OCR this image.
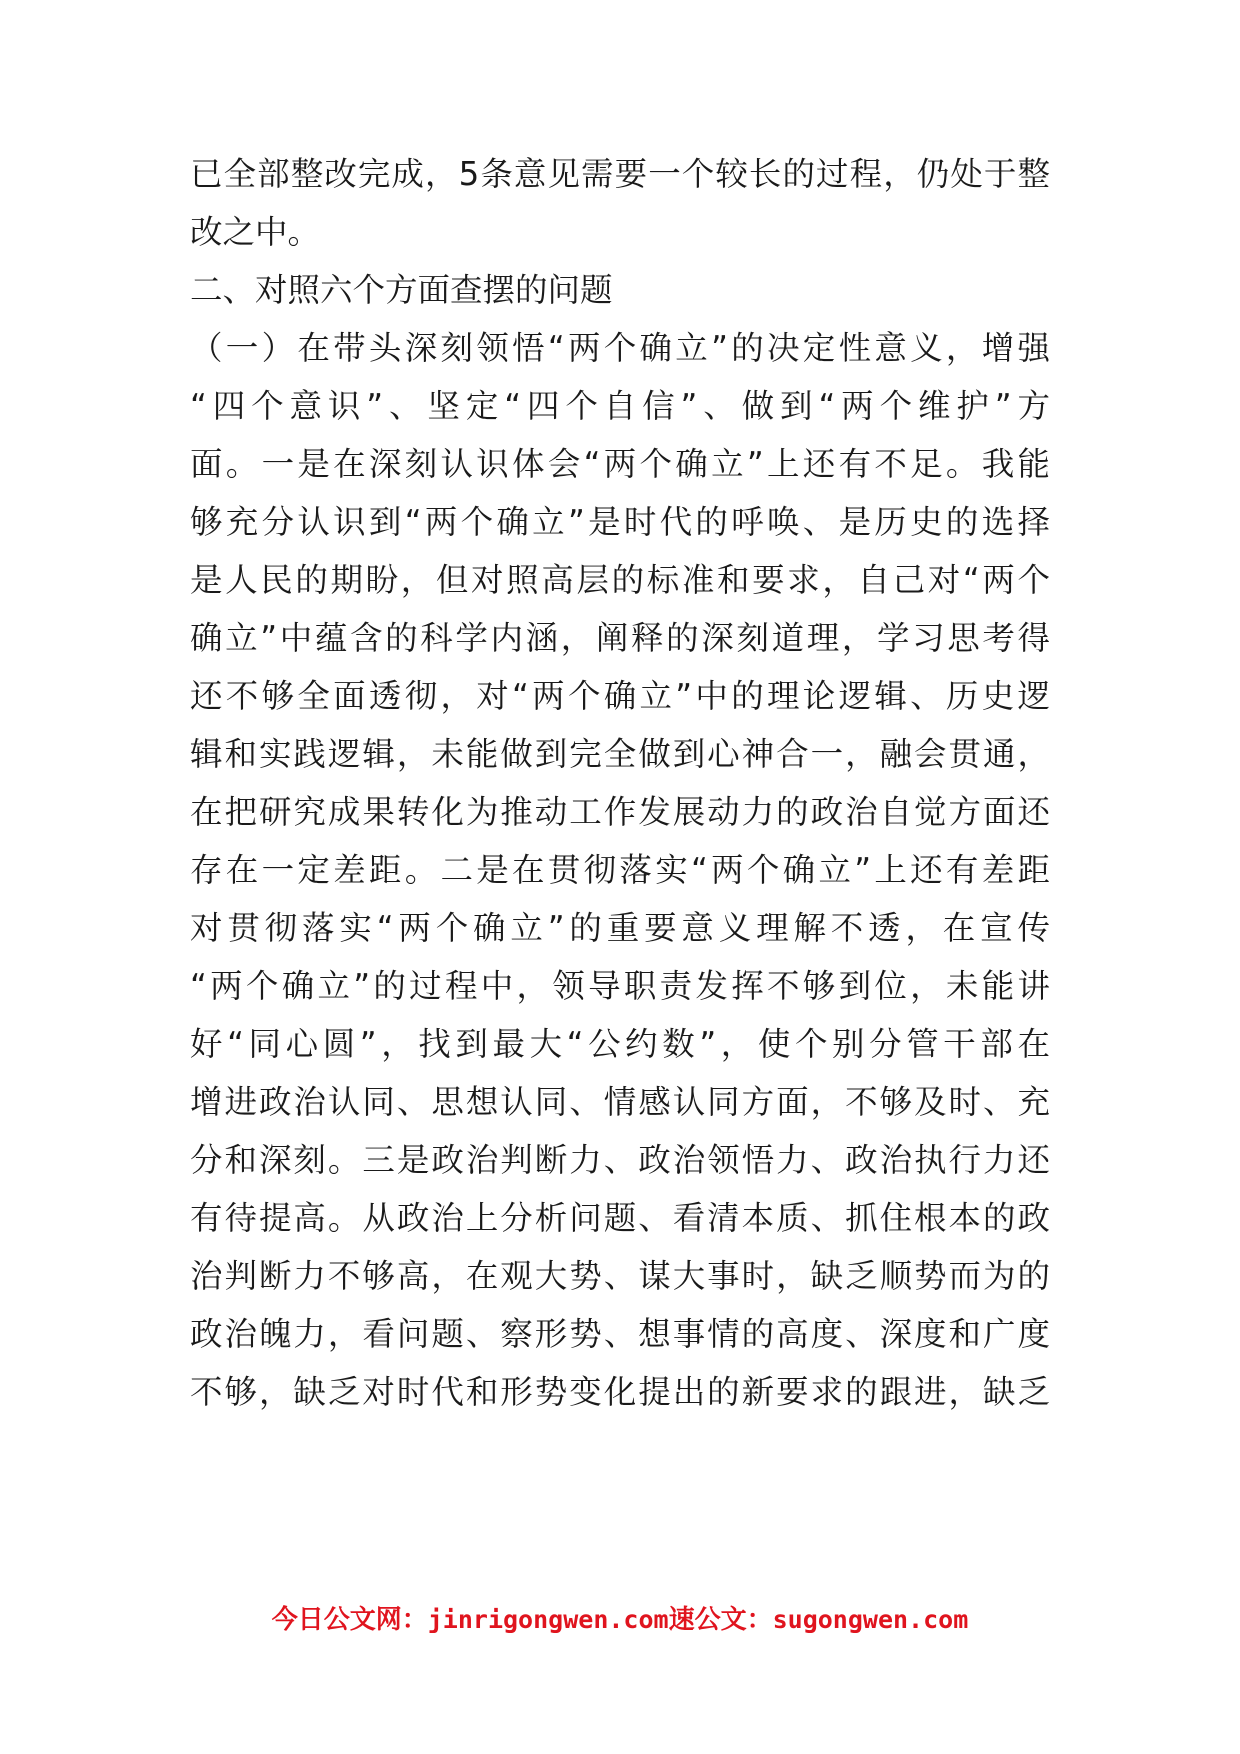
已全部整改完成，5条意见需要一个较长的过程，仍处于整
改之中。
二、对照六个方面查摆的问题
（一）在带头深刻领悟“两个确立”的决定性意义，增强
“四个意识”、坚定“四个自信”、做到“两个维护”方
面。一是在深刻认识体会“两个确立”上还有不足。我能
够充分认识到“两个确立”是时代的呼唤、是历史的选择
是人民的期盼，但对照高层的标准和要求，自己对“两个
确立”中蕴含的科学内涵，阐释的深刻道理，学习思考得
还不够全面透彻，对“两个确立”中的理论逻辑、历史逻
辑和实践逻辑，未能做到完全做到心神合一，融会贯通，
在把研究成果转化为推动工作发展动力的政治自觉方面还
存在一定差距。二是在贯彻落实“两个确立”上还有差距
对贯彻落实“两个确立”的重要意义理解不透，在宣传
“两个确立”的过程中，领导职责发挥不够到位，未能讲
好“同心圆”，找到最大“公约数”，使个别分管干部在
增进政治认同、思想认同、情感认同方面，不够及时、充
分和深刻。三是政治判断力、政治领悟力、政治执行力还
有待提高。从政治上分析问题、看清本质、抓住根本的政
治判断力不够高，在观大势、谋大事时，缺乏顺势而为的
政治魄力，看问题、察形势、想事情的高度、深度和广度
不够，缺乏对时代和形势变化提出的新要求的跟进，缺乏
今日公文网：jinrigongwen.com速公文：sugongwen.com
